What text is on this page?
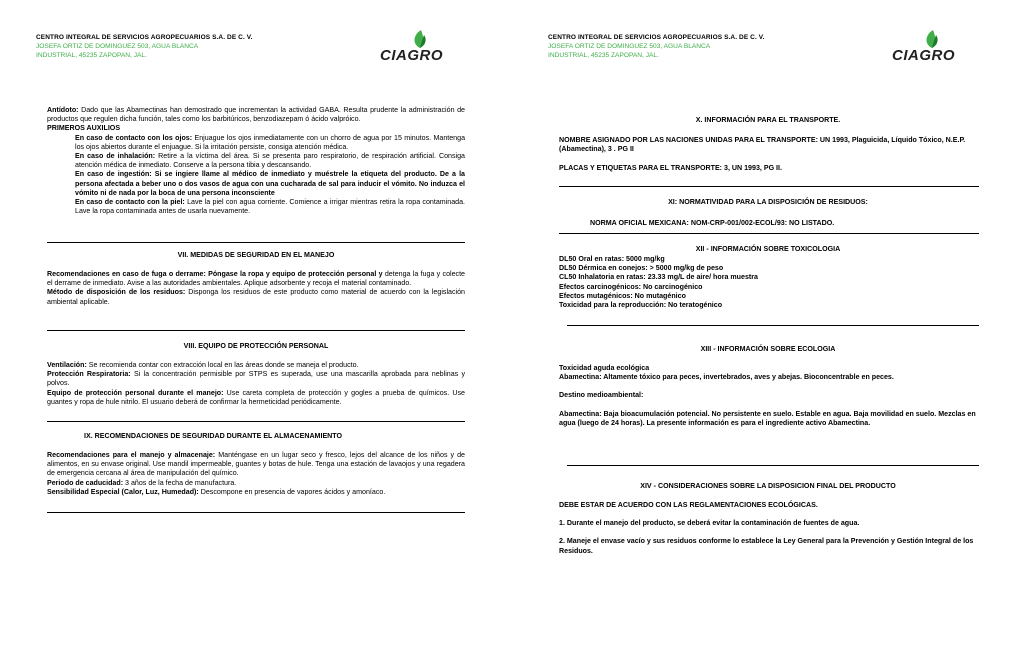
CENTRO INTEGRAL DE SERVICIOS AGROPECUARIOS S.A. DE C. V.
JOSEFA ORTIZ DE DOMINGUEZ 503, AGUA BLANCA
INDUSTRIAL, 45235 ZAPOPAN, JAL.	CIAGRO

Antídoto: Dado que las Abamectinas han demostrado que incrementan la actividad GABA. Resulta prudente la administración de productos que regulen dicha función, tales como los barbitúricos, benzodiazepam ó ácido valpróico.

PRIMEROS AUXILIOS

En caso de contacto con los ojos: Enjuague los ojos inmediatamente con un chorro de agua por 15 minutos. Mantenga los ojos abiertos durante el enjuague. Si la irritación persiste, consiga atención médica.

En caso de inhalación: Retire a la víctima del área. Si se presenta paro respiratorio, de respiración artificial. Consiga atención médica de inmediato. Conserve a la persona tibia y descansando.

En caso de ingestión: Si se ingiere llame al médico de inmediato y muéstrele la etiqueta del producto. De a la persona afectada a beber uno o dos vasos de agua con una cucharada de sal para inducir el vómito. No induzca el vómito ni de nada por la boca de una persona inconsciente

En caso de contacto con la piel: Lave la piel con agua corriente. Comience a irrigar mientras retira la ropa contaminada. Lave la ropa contaminada antes de usarla nuevamente.

VII. MEDIDAS DE SEGURIDAD EN EL MANEJO

Recomendaciones en caso de fuga o derrame: Póngase la ropa y equipo de protección personal y detenga la fuga y colecte el derrame de inmediato. Avise a las autoridades ambientales. Aplique adsorbente y recoja el material contaminado.

Método de disposición de los residuos: Disponga los residuos de este producto como material de acuerdo con la legislación ambiental aplicable.

VIII. EQUIPO DE PROTECCIÓN PERSONAL

Ventilación: Se recomienda contar con extracción local en las áreas donde se maneja el producto.

Protección Respiratoria: Si la concentración permisible por STPS es superada, use una mascarilla aprobada para neblinas y polvos.

Equipo de protección personal durante el manejo: Use careta completa de protección y gogles a prueba de químicos. Use guantes y ropa de hule nitrilo. El usuario deberá de confirmar la hermeticidad periódicamente.

IX. RECOMENDACIONES DE SEGURIDAD DURANTE EL ALMACENAMIENTO

Recomendaciones para el manejo y almacenaje: Manténgase en un lugar seco y fresco, lejos del alcance de los niños y de alimentos, en su envase original. Use mandil impermeable, guantes y botas de hule. Tenga una estación de lavaojos y una regadera de emergencia cercana al área de manipulación del químico.

Periodo de caducidad: 3 años de la fecha de manufactura.

Sensibilidad Especial (Calor, Luz, Humedad): Descompone en presencia de vapores ácidos y amoníaco.

CENTRO INTEGRAL DE SERVICIOS AGROPECUARIOS S.A. DE C. V.
JOSEFA ORTIZ DE DOMINGUEZ 503, AGUA BLANCA
INDUSTRIAL, 45235 ZAPOPAN, JAL.	CIAGRO
X. INFORMACIÓN PARA EL TRANSPORTE.
NOMBRE ASIGNADO POR LAS NACIONES UNIDAS PARA EL TRANSPORTE: UN 1993, Plaguicida, Líquido Tóxico, N.E.P. (Abamectina), 3 . PG II
PLACAS Y ETIQUETAS PARA EL TRANSPORTE: 3, UN 1993, PG II.
XI: NORMATIVIDAD PARA LA DISPOSICIÓN DE RESIDUOS:
NORMA OFICIAL MEXICANA: NOM-CRP-001/002-ECOL/93: NO LISTADO.
XII - INFORMACIÓN SOBRE TOXICOLOGIA

DL50 Oral en ratas: 5000 mg/kg

DL50 Dérmica en conejos: > 5000 mg/kg de peso

CL50 Inhalatoria en ratas: 23.33 mg/L de aire/ hora muestra

Efectos carcinogénicos: No carcinogénico

Efectos mutagénicos: No mutagénico

Toxicidad para la reproducción: No teratogénico

XIII - INFORMACIÓN SOBRE ECOLOGIA

Toxicidad aguda ecológica

Abamectina: Altamente tóxico para peces, invertebrados, aves y abejas. Bioconcentrable en peces.

Destino medioambiental:

Abamectina: Baja bioacumulación potencial. No persistente en suelo. Estable en agua. Baja movilidad en suelo. Mezclas en agua (luego de 24 horas). La presente información es para el ingrediente activo Abamectina.

XIV - CONSIDERACIONES SOBRE LA DISPOSICION FINAL DEL PRODUCTO

DEBE ESTAR DE ACUERDO CON LAS REGLAMENTACIONES ECOLÓGICAS.

1. Durante el manejo del producto, se deberá evitar la contaminación de fuentes de agua.

2. Maneje el envase vacío y sus residuos conforme lo establece la Ley General para la Prevención y Gestión Integral de los Residuos.
